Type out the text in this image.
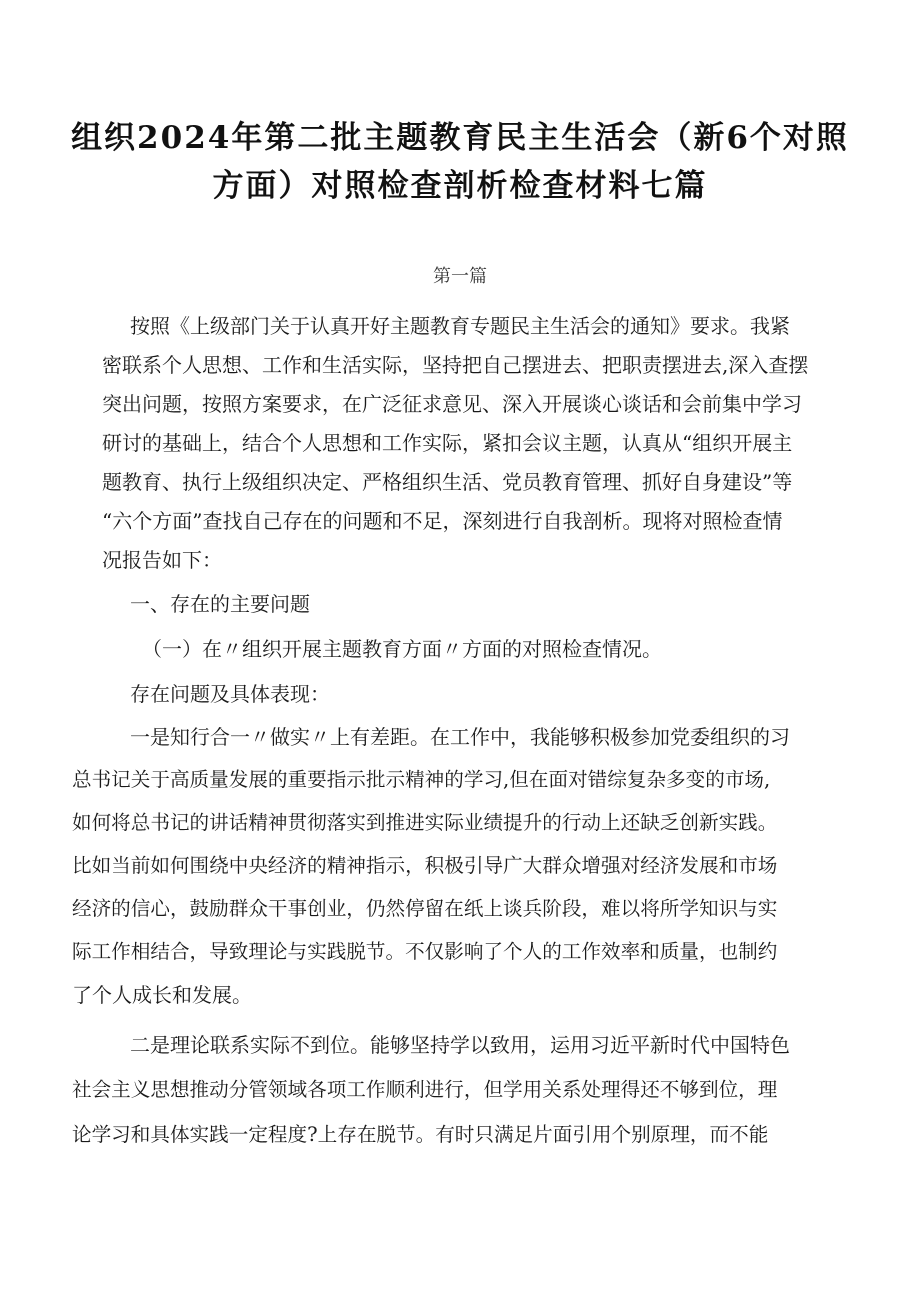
组织2024年第二批主题教育民主生活会（新6个对照
方面）对照检查剖析检查材料七篇
第一篇
按照《上级部门关于认真开好主题教育专题民主生活会的通知》要求。我紧
密联系个人思想、工作和生活实际，坚持把自己摆进去、把职责摆进去,深入查摆
突出问题，按照方案要求，在广泛征求意见、深入开展谈心谈话和会前集中学习
研讨的基础上，结合个人思想和工作实际，紧扣会议主题，认真从“组织开展主
题教育、执行上级组织决定、严格组织生活、党员教育管理、抓好自身建设”等
“六个方面”查找自己存在的问题和不足，深刻进行自我剖析。现将对照检查情
况报告如下：
一、存在的主要问题
（一）在〃组织开展主题教育方面〃方面的对照检查情况。
存在问题及具体表现：
一是知行合一〃做实〃上有差距。在工作中，我能够积极参加党委组织的习
总书记关于高质量发展的重要指示批示精神的学习,但在面对错综复杂多变的市场,
如何将总书记的讲话精神贯彻落实到推进实际业绩提升的行动上还缺乏创新实践。
比如当前如何围绕中央经济的精神指示，积极引导广大群众增强对经济发展和市场
经济的信心，鼓励群众干事创业，仍然停留在纸上谈兵阶段，难以将所学知识与实
际工作相结合，导致理论与实践脱节。不仅影响了个人的工作效率和质量，也制约
了个人成长和发展。
二是理论联系实际不到位。能够坚持学以致用，运用习近平新时代中国特色
社会主义思想推动分管领域各项工作顺利进行，但学用关系处理得还不够到位，理
论学习和具体实践一定程度?上存在脱节。有时只满足片面引用个别原理，而不能
